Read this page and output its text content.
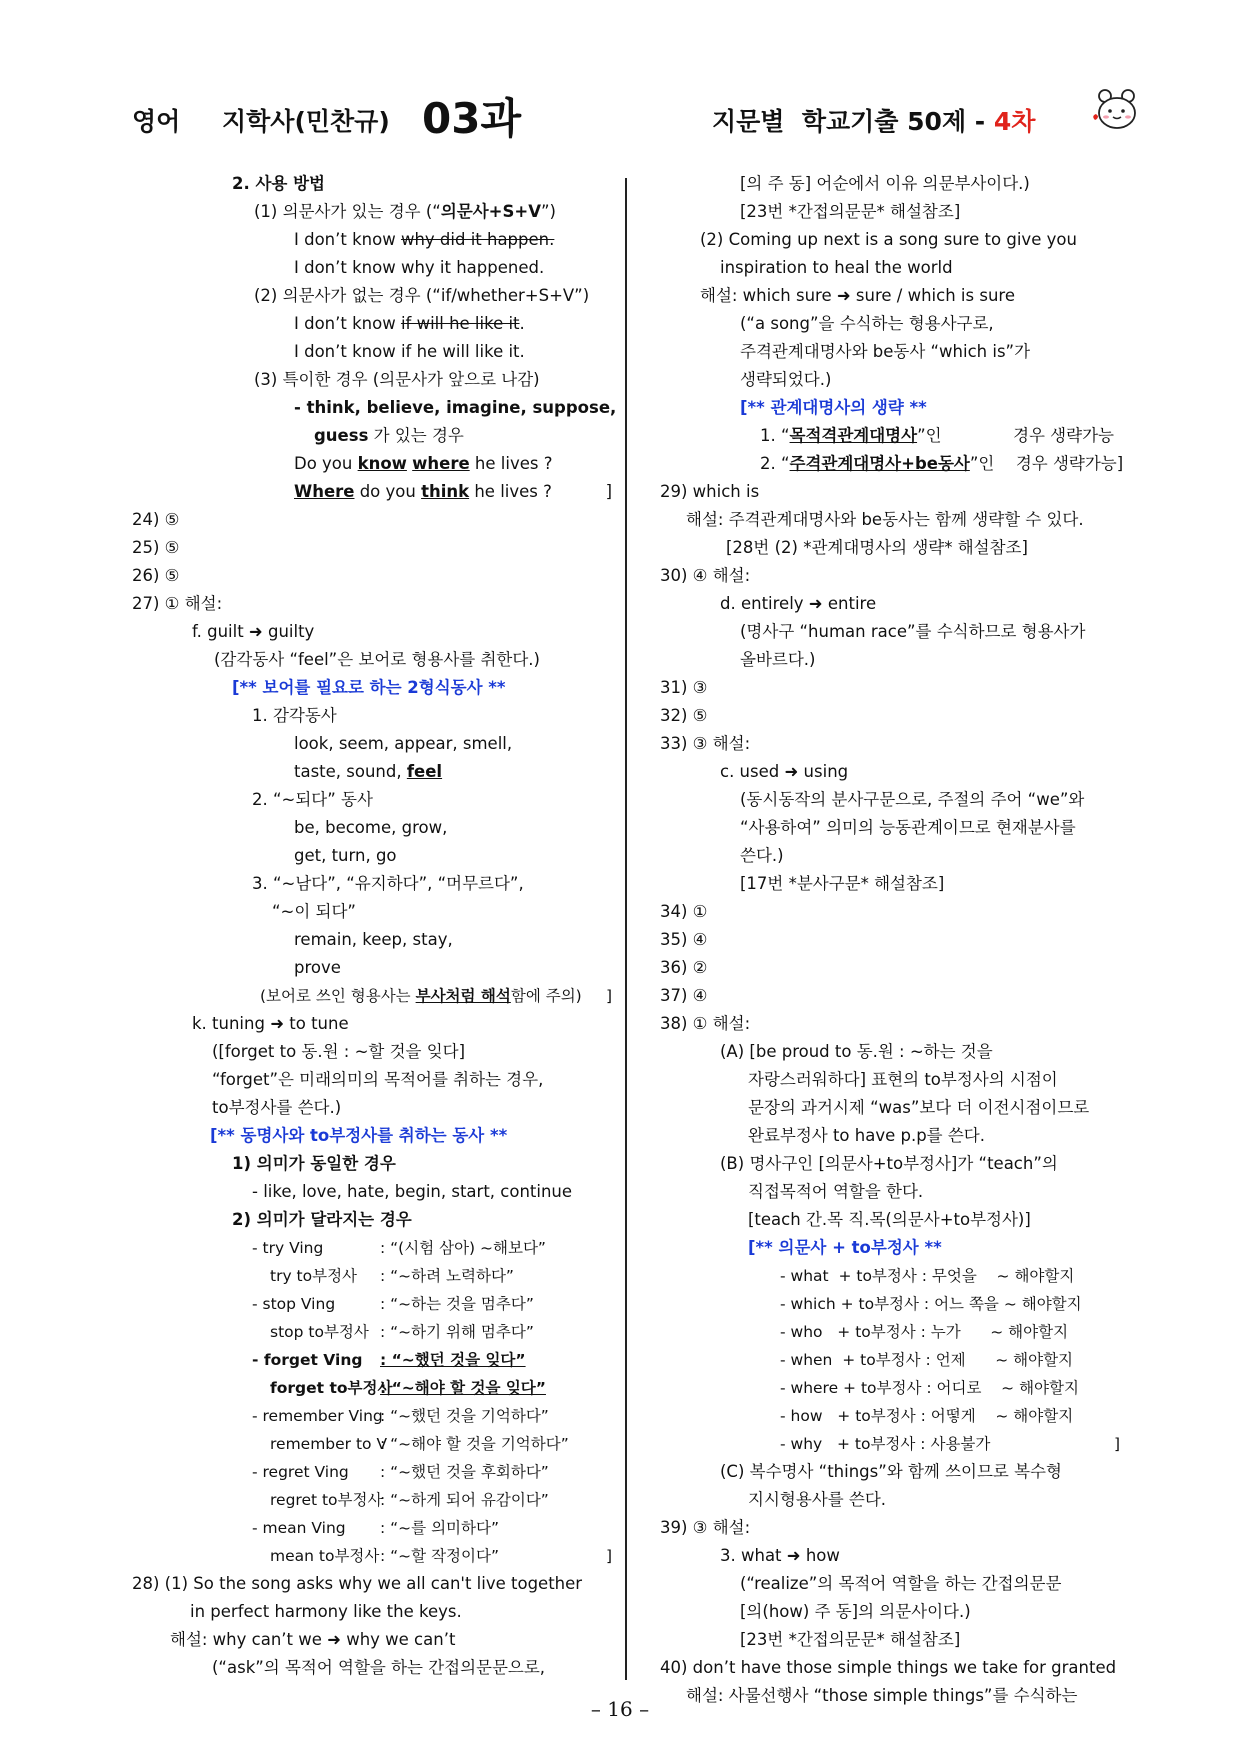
영어 지학사(민찬규) 03과	지문별  학교기출 50제 - 4차
2. 사용 방법
(1) 의문사가 있는 경우 (“의문사+S+V”)
I don’t know why did it happen.
I don’t know why it happened.
(2) 의문사가 없는 경우 (“if/whether+S+V”)
I don’t know if will he like it.
I don’t know if he will like it.
(3) 특이한 경우 (의문사가 앞으로 나감)
- think, believe, imagine, suppose,
guess 가 있는 경우
Do you know where he lives ?
Where do you think he lives ?	]
24) ⑤
25) ⑤
26) ⑤
27) ① 해설:
f. guilt ➜ guilty
(감각동사 “feel”은 보어로 형용사를 취한다.)
[** 보어를 필요로 하는 2형식동사 **
1. 감각동사
look, seem, appear, smell,
taste, sound, feel
2. “~되다” 동사
be, become, grow,
get, turn, go
3. “~남다”, “유지하다”, “머무르다”,
“~이 되다”
remain, keep, stay,
prove
(보어로 쓰인 형용사는 부사처럼 해석함에 주의) ]
k. tuning ➜ to tune
([forget to 동.원 : ~할 것을 잊다]
“forget”은 미래의미의 목적어를 취하는 경우,
to부정사를 쓴다.)
[** 동명사와 to부정사를 취하는 동사 **
1) 의미가 동일한 경우
- like, love, hate, begin, start, continue
2) 의미가 달라지는 경우
- try Ving	: “(시험 삼아) ~해보다”
try to부정사 : “~하려 노력하다”
- stop Ving	: “~하는 것을 멈추다”
stop to부정사 : “~하기 위해 멈추다”
- forget Ving : “~했던 것을 잊다”
forget to부정사: “~해야 할 것을 잊다”
- remember Ving: “~했던 것을 기억하다”
remember to V: “~해야 할 것을 기억하다”
- regret Ving : “~했던 것을 후회하다”
regret to부정사: “~하게 되어 유감이다”
- mean Ving : “~를 의미하다”
mean to부정사: “~할 작정이다”	]
28) (1) So the song asks why we all can't live together
in perfect harmony like the keys.
해설: why can’t we ➜ why we can’t
(“ask”의 목적어 역할을 하는 간접의문문으로,
[의 주 동] 어순에서 이유 의문부사이다.)
[23번 *간접의문문* 해설참조]
(2) Coming up next is a song sure to give you
inspiration to heal the world
해설: which sure ➜ sure / which is sure
(“a song”을 수식하는 형용사구로,
주격관계대명사와 be동사 “which is”가
생략되었다.)
[** 관계대명사의 생략 **
1. “목적격관계대명사”인	경우 생략가능
2. “주격관계대명사+be동사”인 경우 생략가능]
29) which is
해설: 주격관계대명사와 be동사는 함께 생략할 수 있다.
[28번 (2) *관계대명사의 생략* 해설참조]
30) ④ 해설:
d. entirely ➜ entire
(명사구 “human race”를 수식하므로 형용사가
올바르다.)
31) ③
32) ⑤
33) ③ 해설:
c. used ➜ using
(동시동작의 분사구문으로, 주절의 주어 “we”와
“사용하여” 의미의 능동관계이므로 현재분사를
쓴다.)
[17번 *분사구문* 해설참조]
34) ①
35) ④
36) ②
37) ④
38) ① 해설:
(A) [be proud to 동.원 : ~하는 것을
자랑스러워하다] 표현의 to부정사의 시점이
문장의 과거시제 “was”보다 더 이전시점이므로
완료부정사 to have p.p를 쓴다.
(B) 명사구인 [의문사+to부정사]가 “teach”의
직접목적어 역할을 한다.
[teach 간.목 직.목(의문사+to부정사)]
[** 의문사 + to부정사 **
- what  + to부정사 : 무엇을    ~ 해야할지
- which + to부정사 : 어느 쪽을 ~ 해야할지
- who   + to부정사 : 누가      ~ 해야할지
- when  + to부정사 : 언제      ~ 해야할지
- where + to부정사 : 어디로    ~ 해야할지
- how   + to부정사 : 어떻게    ~ 해야할지
- why   + to부정사 : 사용불가	]
(C) 복수명사 “things”와 함께 쓰이므로 복수형
지시형용사를 쓴다.
39) ③ 해설:
3. what ➜ how
(“realize”의 목적어 역할을 하는 간접의문문
[의(how) 주 동]의 의문사이다.)
[23번 *간접의문문* 해설참조]
40) don’t have those simple things we take for granted
해설: 사물선행사 “those simple things”를 수식하는
– 16 –
